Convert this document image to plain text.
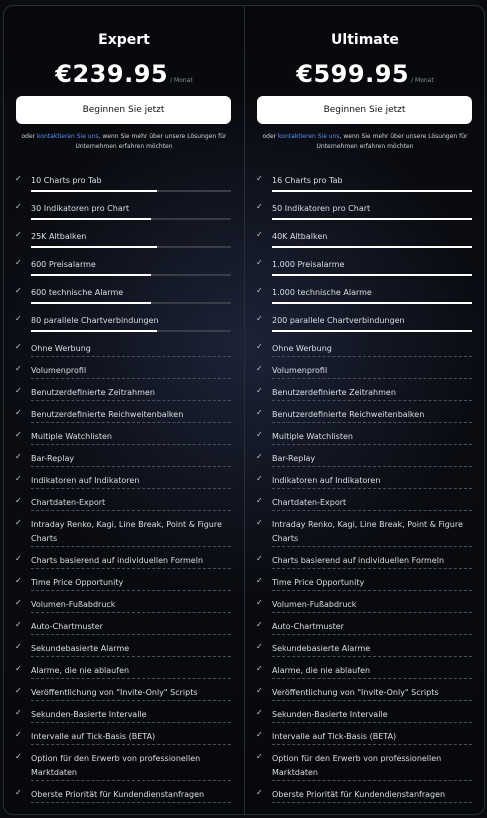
Expert
€239.95 / Monat
Beginnen Sie jetzt
oder kontaktieren Sie uns, wenn Sie mehr über unsere Lösungen für Unternehmen erfahren möchten
✓	10 Charts pro Tab
✓	30 Indikatoren pro Chart
✓	25K Altbalken
✓	600 Preisalarme
✓	600 technische Alarme
✓	80 parallele Chartverbindungen
✓	Ohne Werbung
✓	Volumenprofil
✓	Benutzerdefinierte Zeitrahmen
✓	Benutzerdefinierte Reichweitenbalken
✓	Multiple Watchlisten
✓	Bar-Replay
✓	Indikatoren auf Indikatoren
✓	Chartdaten-Export
✓	Intraday Renko, Kagi, Line Break, Point & Figure Charts
✓	Charts basierend auf individuellen Formeln
✓	Time Price Opportunity
✓	Volumen-Fußabdruck
✓	Auto-Chartmuster
✓	Sekundebasierte Alarme
✓	Alarme, die nie ablaufen
✓	Veröffentlichung von "Invite-Only" Scripts
✓	Sekunden-Basierte Intervalle
✓	Intervalle auf Tick-Basis (BETA)
✓	Option für den Erwerb von professionellen Marktdaten
✓	Oberste Priorität für Kundendienstanfragen
Ultimate
€599.95 / Monat
Beginnen Sie jetzt
oder kontaktieren Sie uns, wenn Sie mehr über unsere Lösungen für Unternehmen erfahren möchten
✓	16 Charts pro Tab
✓	50 Indikatoren pro Chart
✓	40K Altbalken
✓	1.000 Preisalarme
✓	1.000 technische Alarme
✓	200 parallele Chartverbindungen
✓	Ohne Werbung
✓	Volumenprofil
✓	Benutzerdefinierte Zeitrahmen
✓	Benutzerdefinierte Reichweitenbalken
✓	Multiple Watchlisten
✓	Bar-Replay
✓	Indikatoren auf Indikatoren
✓	Chartdaten-Export
✓	Intraday Renko, Kagi, Line Break, Point & Figure Charts
✓	Charts basierend auf individuellen Formeln
✓	Time Price Opportunity
✓	Volumen-Fußabdruck
✓	Auto-Chartmuster
✓	Sekundebasierte Alarme
✓	Alarme, die nie ablaufen
✓	Veröffentlichung von "Invite-Only" Scripts
✓	Sekunden-Basierte Intervalle
✓	Intervalle auf Tick-Basis (BETA)
✓	Option für den Erwerb von professionellen Marktdaten
✓	Oberste Priorität für Kundendienstanfragen
